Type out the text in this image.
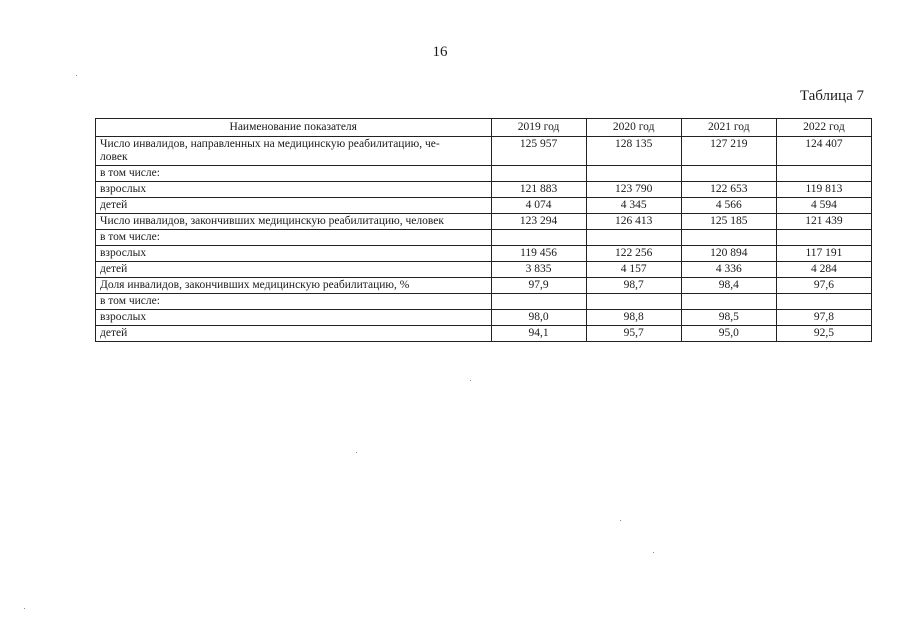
16
Таблица 7
Наименование показателя	2019 год	2020 год	2021 год	2022 год
Число инвалидов, направленных на медицинскую реабилитацию, че-
ловек	125 957	128 135	127 219	124 407
в том числе:				
взрослых	121 883	123 790	122 653	119 813
детей	4 074	4 345	4 566	4 594
Число инвалидов, закончивших медицинскую реабилитацию, человек	123 294	126 413	125 185	121 439
в том числе:				
взрослых	119 456	122 256	120 894	117 191
детей	3 835	4 157	4 336	4 284
Доля инвалидов, закончивших медицинскую реабилитацию, %	97,9	98,7	98,4	97,6
в том числе:				
взрослых	98,0	98,8	98,5	97,8
детей	94,1	95,7	95,0	92,5
